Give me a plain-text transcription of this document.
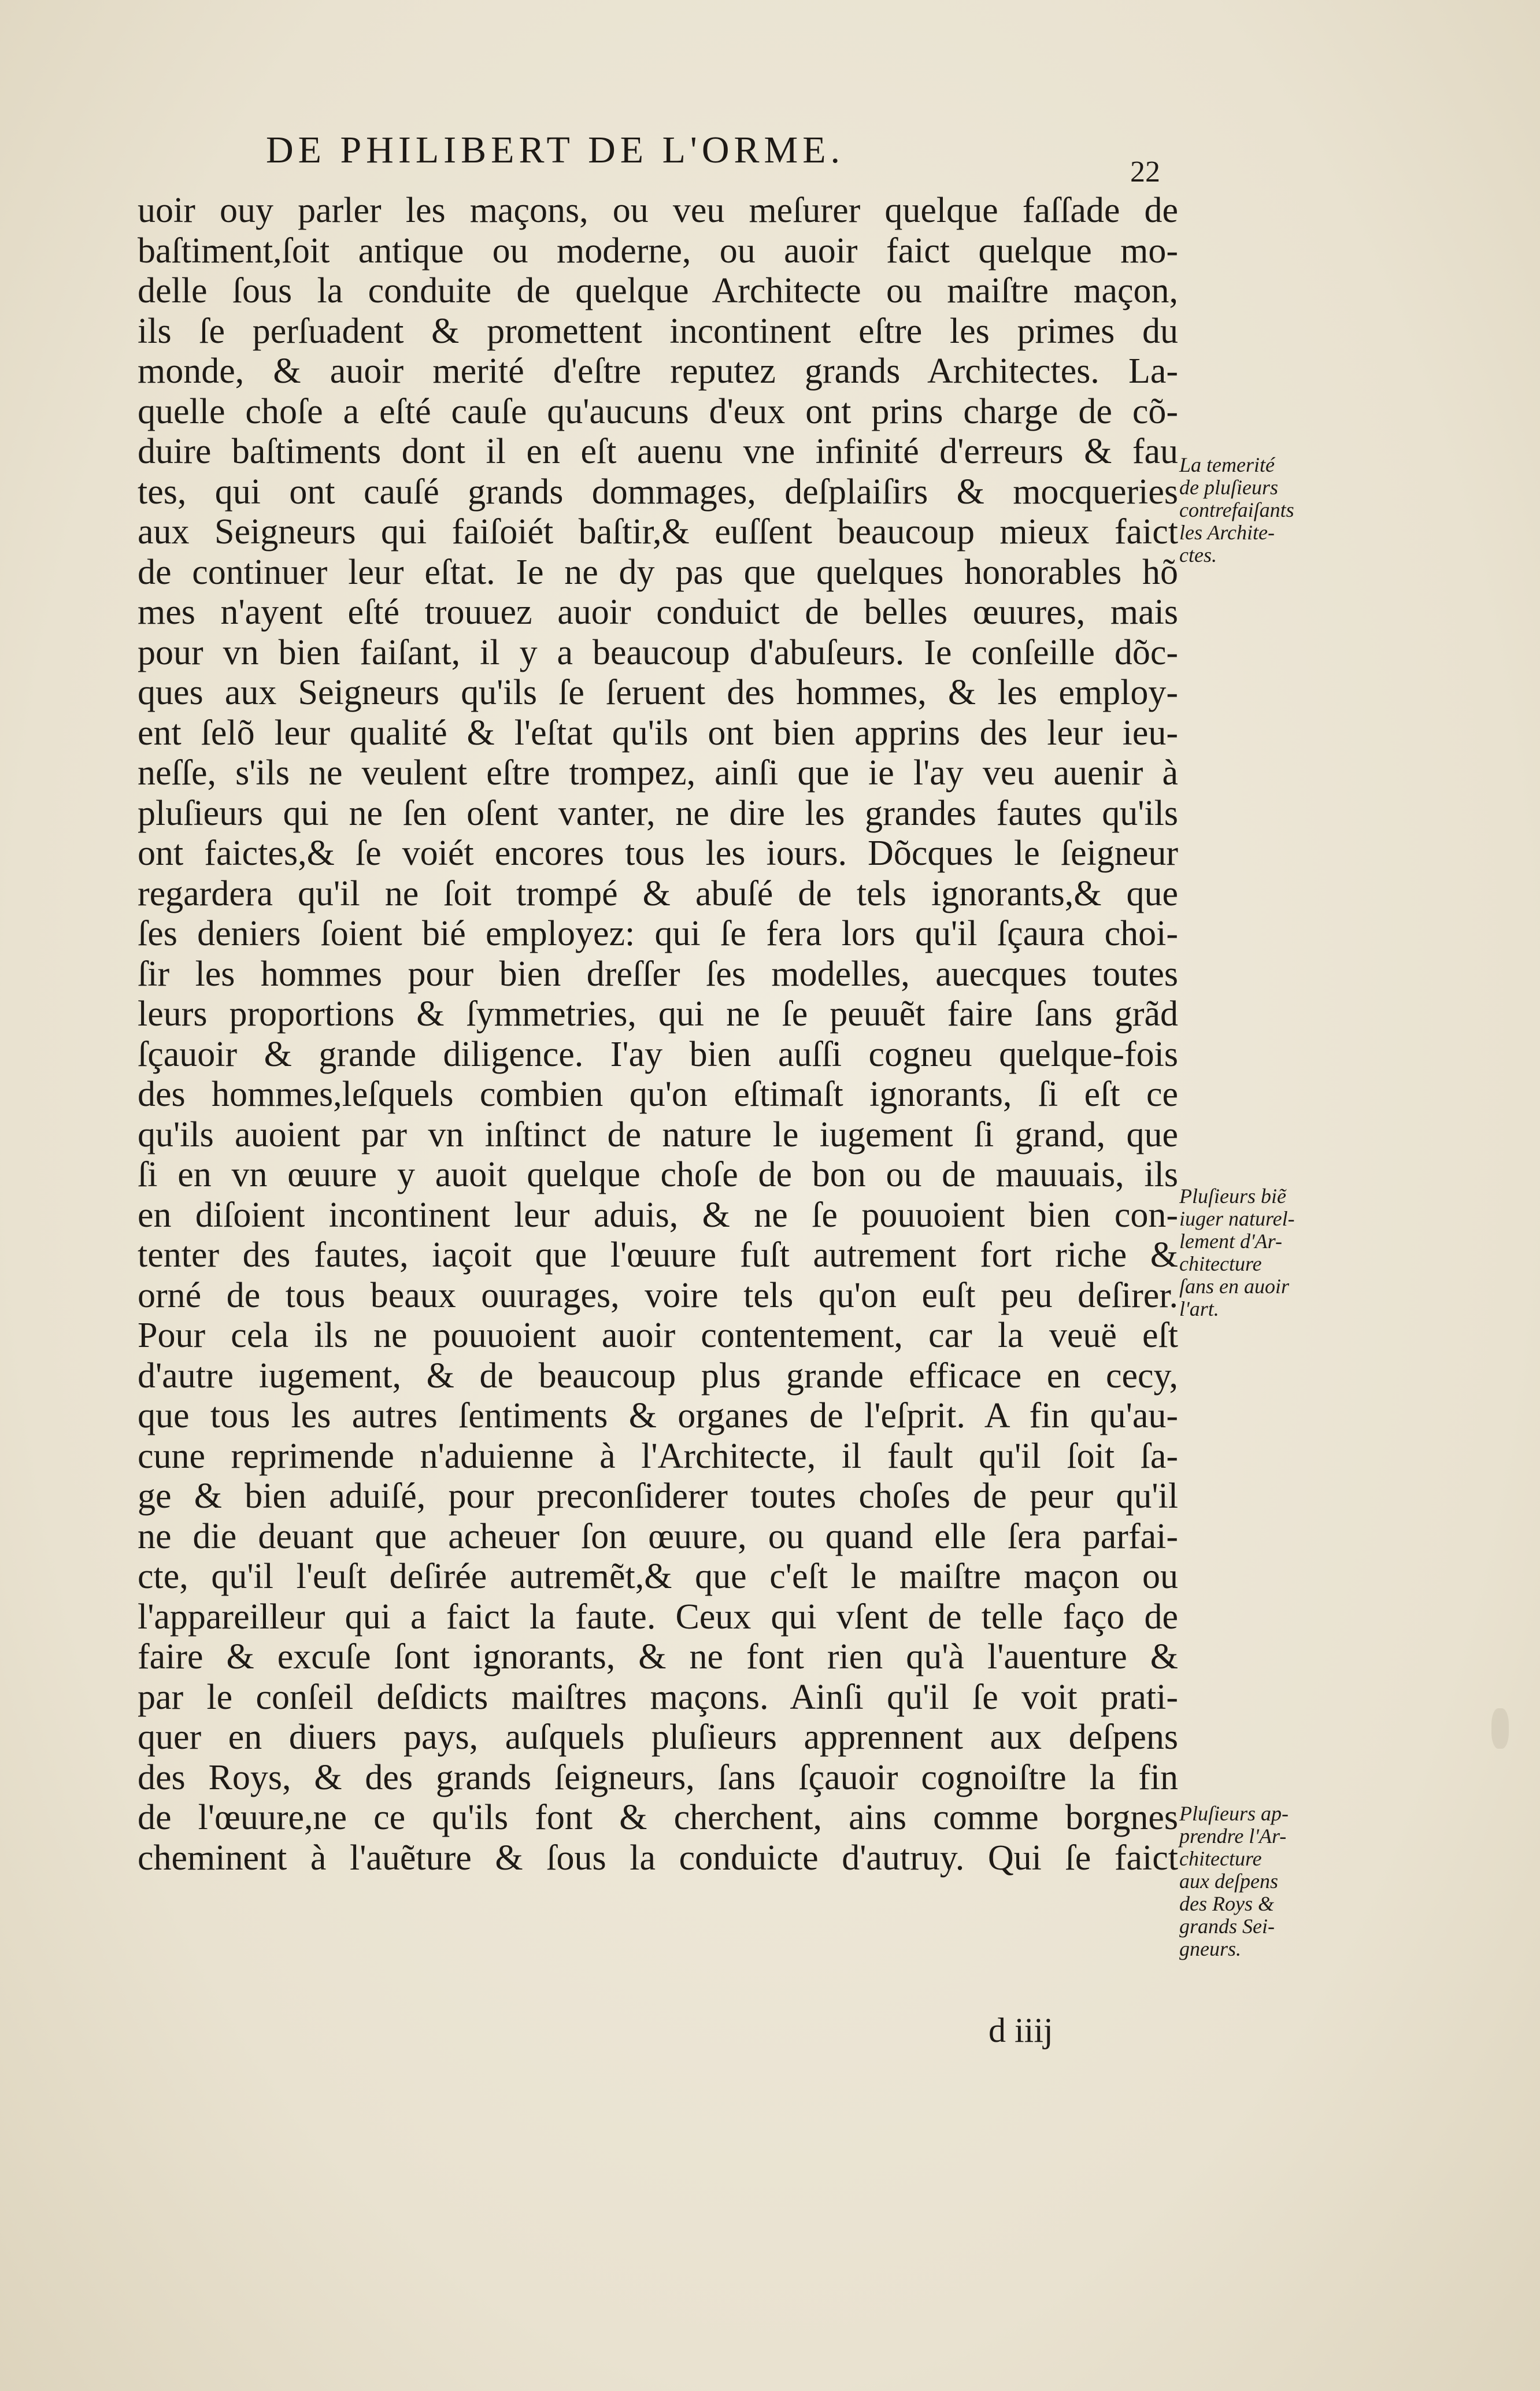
DE PHILIBERT DE L'ORME.
22
uoir ouy parler les maçons, ou veu meſurer quelque faſſade de
baſtiment,ſoit antique ou moderne, ou auoir faict quelque mo-
delle ſous la conduite de quelque Architecte ou maiſtre maçon,
ils ſe perſuadent & promettent incontinent eſtre les primes du
monde, & auoir merité d'eſtre reputez grands Architectes. La-
quelle choſe a eſté cauſe qu'aucuns d'eux ont prins charge de cõ-
duire baſtiments dont il en eſt auenu vne infinité d'erreurs & fau
tes, qui ont cauſé grands dommages, deſplaiſirs & mocqueries
aux Seigneurs qui faiſoiét baſtir,& euſſent beaucoup mieux faict
de continuer leur eſtat. Ie ne dy pas que quelques honorables hõ
mes n'ayent eſté trouuez auoir conduict de belles œuures, mais
pour vn bien faiſant, il y a beaucoup d'abuſeurs. Ie conſeille dõc-
ques aux Seigneurs qu'ils ſe ſeruent des hommes, & les employ-
ent ſelõ leur qualité & l'eſtat qu'ils ont bien apprins des leur ieu-
neſſe, s'ils ne veulent eſtre trompez, ainſi que ie l'ay veu auenir à
pluſieurs qui ne ſen oſent vanter, ne dire les grandes fautes qu'ils
ont faictes,& ſe voiét encores tous les iours. Dõcques le ſeigneur
regardera qu'il ne ſoit trompé & abuſé de tels ignorants,& que
ſes deniers ſoient bié employez: qui ſe fera lors qu'il ſçaura choi-
ſir les hommes pour bien dreſſer ſes modelles, auecques toutes
leurs proportions & ſymmetries, qui ne ſe peuuẽt faire ſans grãd
ſçauoir & grande diligence. I'ay bien auſſi cogneu quelque-fois
des hommes,leſquels combien qu'on eſtimaſt ignorants, ſi eſt ce
qu'ils auoient par vn inſtinct de nature le iugement ſi grand, que
ſi en vn œuure y auoit quelque choſe de bon ou de mauuais, ils
en diſoient incontinent leur aduis, & ne ſe pouuoient bien con-
tenter des fautes, iaçoit que l'œuure fuſt autrement fort riche &
orné de tous beaux ouurages, voire tels qu'on euſt peu deſirer.
Pour cela ils ne pouuoient auoir contentement, car la veuë eſt
d'autre iugement, & de beaucoup plus grande efficace en cecy,
que tous les autres ſentiments & organes de l'eſprit. A fin qu'au-
cune reprimende n'aduienne à l'Architecte, il fault qu'il ſoit ſa-
ge & bien aduiſé, pour preconſiderer toutes choſes de peur qu'il
ne die deuant que acheuer ſon œuure, ou quand elle ſera parfai-
cte, qu'il l'euſt deſirée autremẽt,& que c'eſt le maiſtre maçon ou
l'appareilleur qui a faict la faute. Ceux qui vſent de telle faço de
faire & excuſe ſont ignorants, & ne font rien qu'à l'auenture &
par le conſeil deſdicts maiſtres maçons. Ainſi qu'il ſe voit prati-
quer en diuers pays, auſquels pluſieurs apprennent aux deſpens
des Roys, & des grands ſeigneurs, ſans ſçauoir cognoiſtre la fin
de l'œuure,ne ce qu'ils font & cherchent, ains comme borgnes
cheminent à l'auẽture & ſous la conduicte d'autruy. Qui ſe faict
La temerité
de pluſieurs
contrefaiſants
les Archite-
ctes.
Pluſieurs biẽ
iuger naturel-
lement d'Ar-
chitecture
ſans en auoir
l'art.
Pluſieurs ap-
prendre l'Ar-
chitecture
aux deſpens
des Roys &
grands Sei-
gneurs.
d iiij
